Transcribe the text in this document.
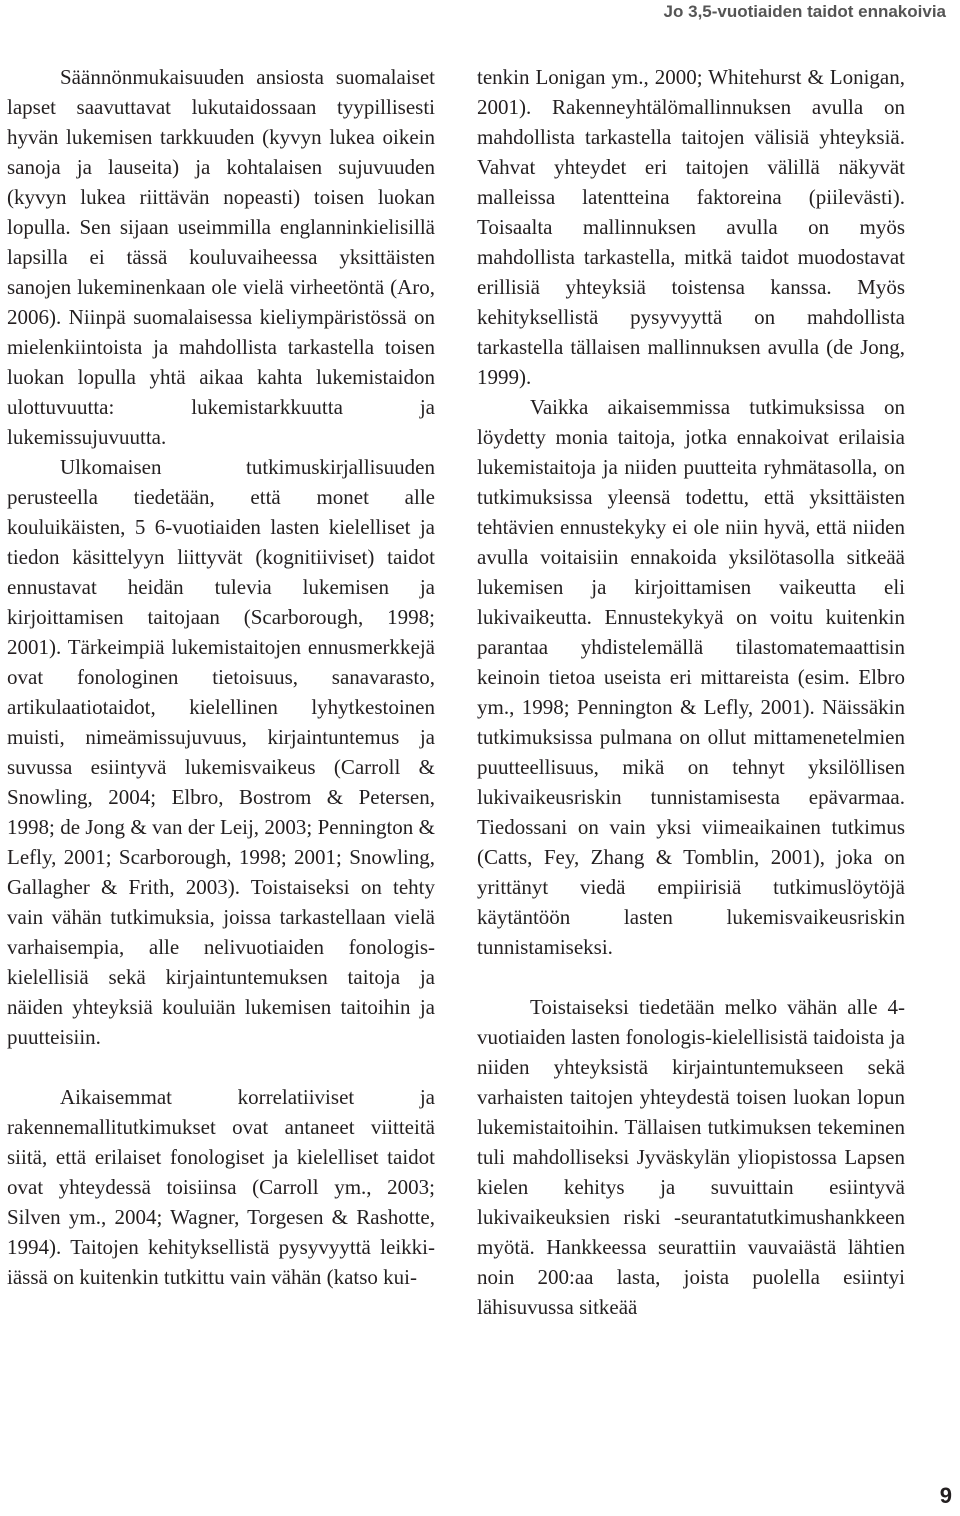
Jo 3,5-vuotiaiden taidot ennakoivia

Säännönmukaisuuden ansiosta suomalaiset lapset saavuttavat lukutaidossaan tyypillisesti hyvän lukemisen tarkkuuden (kyvyn lukea oikein sanoja ja lauseita) ja kohtalaisen sujuvuuden (kyvyn lukea riittävän nopeasti) toisen luokan lopulla. Sen sijaan useimmilla englanninkielisillä lapsilla ei tässä kouluvaiheessa yksittäisten sanojen lukeminenkaan ole vielä virheetöntä (Aro, 2006). Niinpä suomalaisessa kieliympäristössä on mielenkiintoista ja mahdollista tarkastella toisen luokan lopulla yhtä aikaa kahta lukemistaidon ulottuvuutta: lukemistarkkuutta ja lukemissujuvuutta.

Ulkomaisen tutkimuskirjallisuuden perusteella tiedetään, että monet alle kouluikäisten, 5 6-vuotiaiden lasten kielelliset ja tiedon käsittelyyn liittyvät (kognitiiviset) taidot ennustavat heidän tulevia lukemisen ja kirjoittamisen taitojaan (Scarborough, 1998; 2001). Tärkeimpiä lukemistaitojen ennusmerkkejä ovat fonologinen tietoisuus, sanavarasto, artikulaatiotaidot, kielellinen lyhytkestoinen muisti, nimeämissujuvuus, kirjaintuntemus ja suvussa esiintyvä lukemisvaikeus (Carroll & Snowling, 2004; Elbro, Bostrom & Petersen, 1998; de Jong & van der Leij, 2003; Pennington & Lefly, 2001; Scarborough, 1998; 2001; Snowling, Gallagher & Frith, 2003). Toistaiseksi on tehty vain vähän tutkimuksia, joissa tarkastellaan vielä varhaisempia, alle nelivuotiaiden fonologis-kielellisiä sekä kirjaintuntemuksen taitoja ja näiden yhteyksiä kouluiän lukemisen taitoihin ja puutteisiin.

Aikaisemmat korrelatiiviset ja rakennemallitutkimukset ovat antaneet viitteitä siitä, että erilaiset fonologiset ja kielelliset taidot ovat yhteydessä toisiinsa (Carroll ym., 2003; Silven ym., 2004; Wagner, Torgesen & Rashotte, 1994). Taitojen kehityksellistä pysyvyyttä leikki-iässä on kuitenkin tutkittu vain vähän (katso kui-

tenkin Lonigan ym., 2000; Whitehurst & Lonigan, 2001). Rakenneyhtälömallinnuksen avulla on mahdollista tarkastella taitojen välisiä yhteyksiä. Vahvat yhteydet eri taitojen välillä näkyvät malleissa latentteina faktoreina (piilevästi). Toisaalta mallinnuksen avulla on myös mahdollista tarkastella, mitkä taidot muodostavat erillisiä yhteyksiä toistensa kanssa. Myös kehityksellistä pysyvyyttä on mahdollista tarkastella tällaisen mallinnuksen avulla (de Jong, 1999).

Vaikka aikaisemmissa tutkimuksissa on löydetty monia taitoja, jotka ennakoivat erilaisia lukemistaitoja ja niiden puutteita ryhmätasolla, on tutkimuksissa yleensä todettu, että yksittäisten tehtävien ennustekyky ei ole niin hyvä, että niiden avulla voitaisiin ennakoida yksilötasolla sitkeää lukemisen ja kirjoittamisen vaikeutta eli lukivaikeutta. Ennustekykyä on voitu kuitenkin parantaa yhdistelemällä tilastomatemaattisin keinoin tietoa useista eri mittareista (esim. Elbro ym., 1998; Pennington & Lefly, 2001). Näissäkin tutkimuksissa pulmana on ollut mittamenetelmien puutteellisuus, mikä on tehnyt yksilöllisen lukivaikeusriskin tunnistamisesta epävarmaa. Tiedossani on vain yksi viimeaikainen tutkimus (Catts, Fey, Zhang & Tomblin, 2001), joka on yrittänyt viedä empiirisiä tutkimuslöytöjä käytäntöön lasten lukemisvaikeusriskin tunnistamiseksi.

Toistaiseksi tiedetään melko vähän alle 4-vuotiaiden lasten fonologis-kielellisistä taidoista ja niiden yhteyksistä kirjaintuntemukseen sekä varhaisten taitojen yhteydestä toisen luokan lopun lukemistaitoihin. Tällaisen tutkimuksen tekeminen tuli mahdolliseksi Jyväskylän yliopistossa Lapsen kielen kehitys ja suvuittain esiintyvä lukivaikeuksien riski -seurantatutkimushankkeen myötä. Hankkeessa seurattiin vauvaiästä lähtien noin 200:aa lasta, joista puolella esiintyi lähisuvussa sitkeää

9
